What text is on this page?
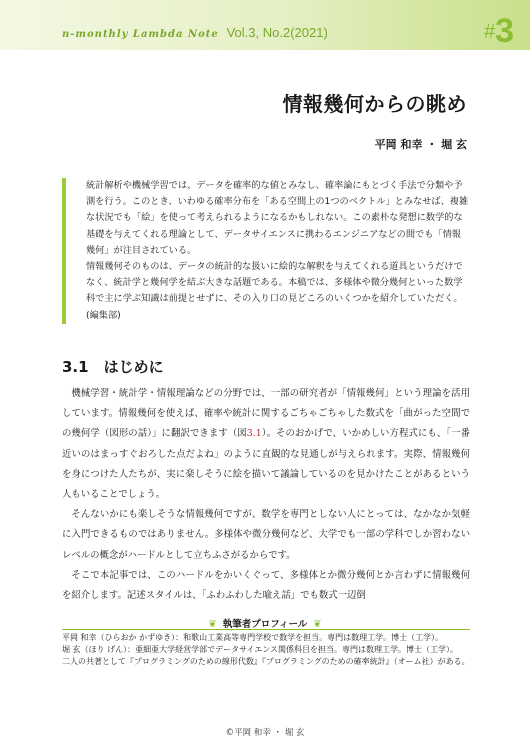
n-monthly Lambda Note Vol.3, No.2(2021)	#3
情報幾何からの眺め
平岡 和幸 ・ 堀 玄

統計解析や機械学習では、データを確率的な値とみなし、確率論にもとづく手法で分類や予測を行う。このとき、いわゆる確率分布を「ある空間上の1つのベクトル」とみなせば、複雑な状況でも「絵」を使って考えられるようになるかもしれない。この素朴な発想に数学的な基礎を与えてくれる理論として、データサイエンスに携わるエンジニアなどの間でも「情報幾何」が注目されている。

情報幾何そのものは、データの統計的な扱いに絵的な解釈を与えてくれる道具というだけでなく、統計学と幾何学を結ぶ大きな話題である。本稿では、多様体や微分幾何といった数学科で主に学ぶ知識は前提とせずに、その入り口の見どころのいくつかを紹介していただく。(編集部)

3.1　はじめに

機械学習・統計学・情報理論などの分野では、一部の研究者が「情報幾何」という理論を活用しています。情報幾何を使えば、確率や統計に関するごちゃごちゃした数式を「曲がった空間での幾何学（図形の話）」に翻訳できます（図3.1）。そのおかげで、いかめしい方程式にも、「一番近いのはまっすぐおろした点だよね」のように直観的な見通しが与えられます。実際、情報幾何を身につけた人たちが、実に楽しそうに絵を描いて議論しているのを見かけたことがあるという人もいることでしょう。

そんないかにも楽しそうな情報幾何ですが、数学を専門としない人にとっては、なかなか気軽に入門できるものではありません。多様体や微分幾何など、大学でも一部の学科でしか習わないレベルの概念がハードルとして立ちふさがるからです。

そこで本記事では、このハードルをかいくぐって、多様体とか微分幾何とか言わずに情報幾何を紹介します。記述スタイルは、「ふわふわした喩え話」でも数式一辺倒

❦ 執筆者プロフィール ❦

平岡 和幸（ひらおか かずゆき）：和歌山工業高等専門学校で数学を担当。専門は数理工学。博士（工学）。

堀 玄（ほり げん）：亜細亜大学経営学部でデータサイエンス関係科目を担当。専門は数理工学。博士（工学）。

二人の共著として『プログラミングのための線形代数』『プログラミングのための確率統計』（オーム社）がある。

©平岡 和幸 ・ 堀 玄
